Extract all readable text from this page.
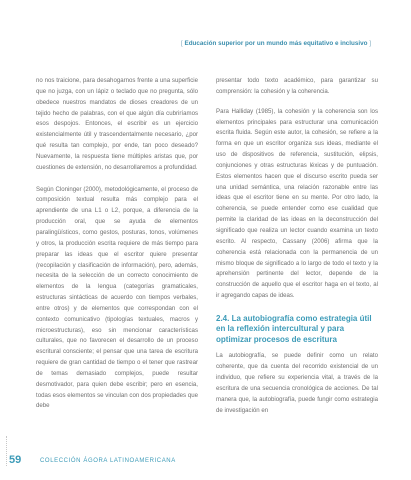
[ Educación superior por un mundo más equitativo e inclusivo ]

no nos traicione, para desahogarnos frente a una superficie que no juzga, con un lápiz o teclado que no pregunta, sólo obedece nuestros mandatos de dioses creadores de un tejido hecho de palabras, con el que algún día cubriríamos esos despojos. Entonces, el escribir es un ejercicio existencialmente útil y trascendentalmente necesario, ¿por qué resulta tan complejo, por ende, tan poco deseado? Nuevamente, la respuesta tiene múltiples aristas que, por cuestiones de extensión, no desarrollaremos a profundidad.

Según Cloninger (2000), metodológicamente, el proceso de composición textual resulta más complejo para el aprendiente de una L1 o L2, porque, a diferencia de la producción oral, que se ayuda de elementos paralingüísticos, como gestos, posturas, tonos, volúmenes y otros, la producción escrita requiere de más tiempo para preparar las ideas que el escritor quiere presentar (recopilación y clasificación de información), pero, además, necesita de la selección de un correcto conocimiento de elementos de la lengua (categorías gramaticales, estructuras sintácticas de acuerdo con tiempos verbales, entre otros) y de elementos que correspondan con el contexto comunicativo (tipologías textuales, macros y microestructuras), eso sin mencionar características culturales, que no favorecen el desarrollo de un proceso escritural consciente; el pensar que una tarea de escritura requiere de gran cantidad de tiempo o el tener que rastrear de temas demasiado complejos, puede resultar desmotivador, para quien debe escribir; pero en esencia, todas esos elementos se vinculan con dos propiedades que debe

presentar todo texto académico, para garantizar su comprensión: la cohesión y la coherencia.

Para Halliday (1985), la cohesión y la coherencia son los elementos principales para estructurar una comunicación escrita fluida. Según este autor, la cohesión, se refiere a la forma en que un escritor organiza sus ideas, mediante el uso de dispositivos de referencia, sustitución, elipsis, conjunciones y otras estructuras léxicas y de puntuación. Estos elementos hacen que el discurso escrito pueda ser una unidad semántica, una relación razonable entre las ideas que el escritor tiene en su mente. Por otro lado, la coherencia, se puede entender como ese cualidad que permite la claridad de las ideas en la deconstrucción del significado que realiza un lector cuando examina un texto escrito. Al respecto, Cassany (2006) afirma que la coherencia está relacionada con la permanencia de un mismo bloque de significado a lo largo de todo el texto y la aprehensión pertinente del lector, depende de la construcción de aquello que el escritor haga en el texto, al ir agregando capas de ideas.

2.4. La autobiografía como estrategia útil en la reflexión intercultural y para optimizar procesos de escritura

La autobiografía, se puede definir como un relato coherente, que da cuenta del recorrido existencial de un individuo, que refiere su experiencia vital, a través de la escritura de una secuencia cronológica de acciones. De tal manera que, la autobiografía, puede fungir como estrategia de investigación en

59	COLECCIÓN ÁGORA LATINOAMERICANA
